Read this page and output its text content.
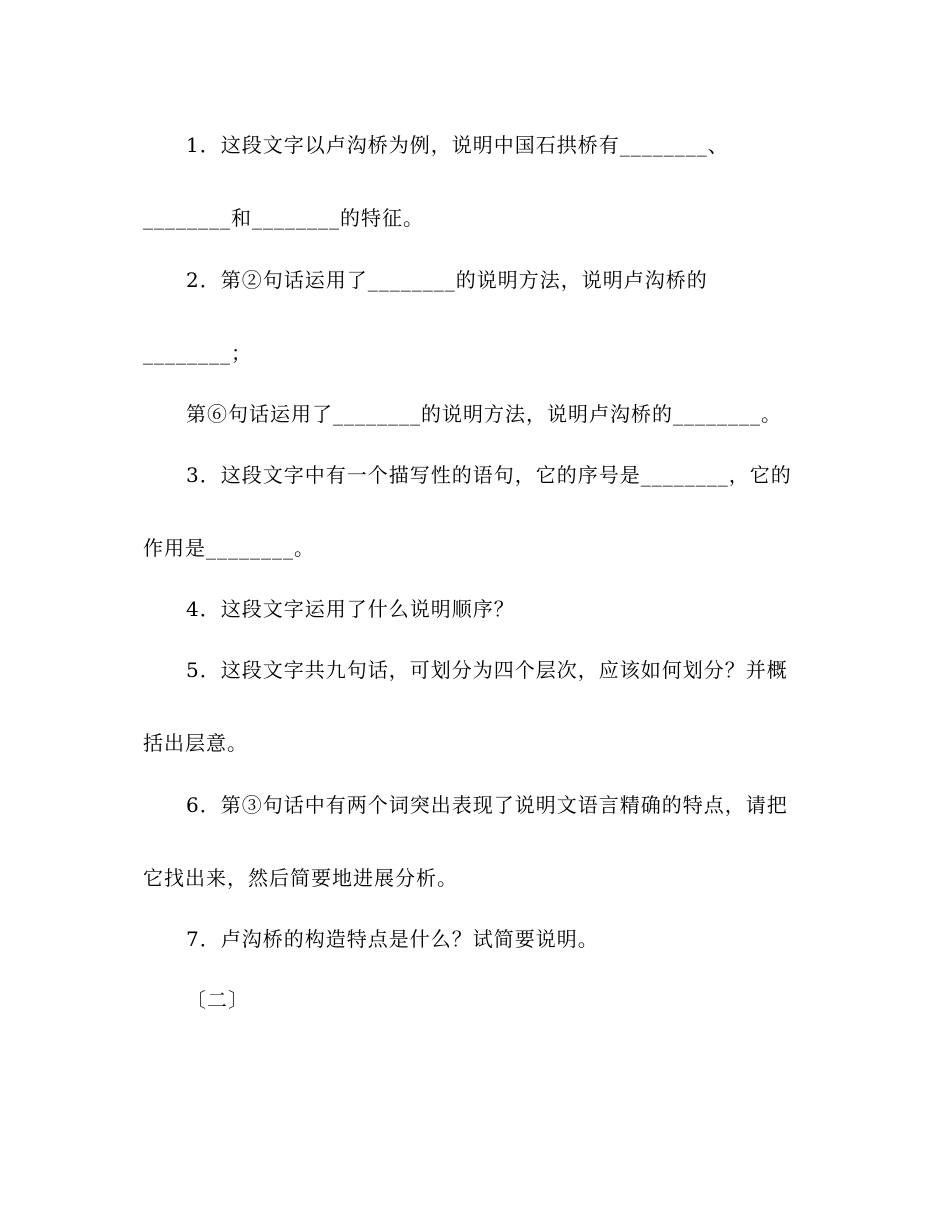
1．这段文字以卢沟桥为例，说明中国石拱桥有________、
________和________的特征。
2．第②句话运用了________的说明方法，说明卢沟桥的
________；
第⑥句话运用了________的说明方法，说明卢沟桥的________。
3．这段文字中有一个描写性的语句，它的序号是________，它的
作用是________。
4．这段文字运用了什么说明顺序？
5．这段文字共九句话，可划分为四个层次，应该如何划分？并概
括出层意。
6．第③句话中有两个词突出表现了说明文语言精确的特点，请把
它找出来，然后简要地进展分析。
7．卢沟桥的构造特点是什么？试简要说明。
〔二〕
